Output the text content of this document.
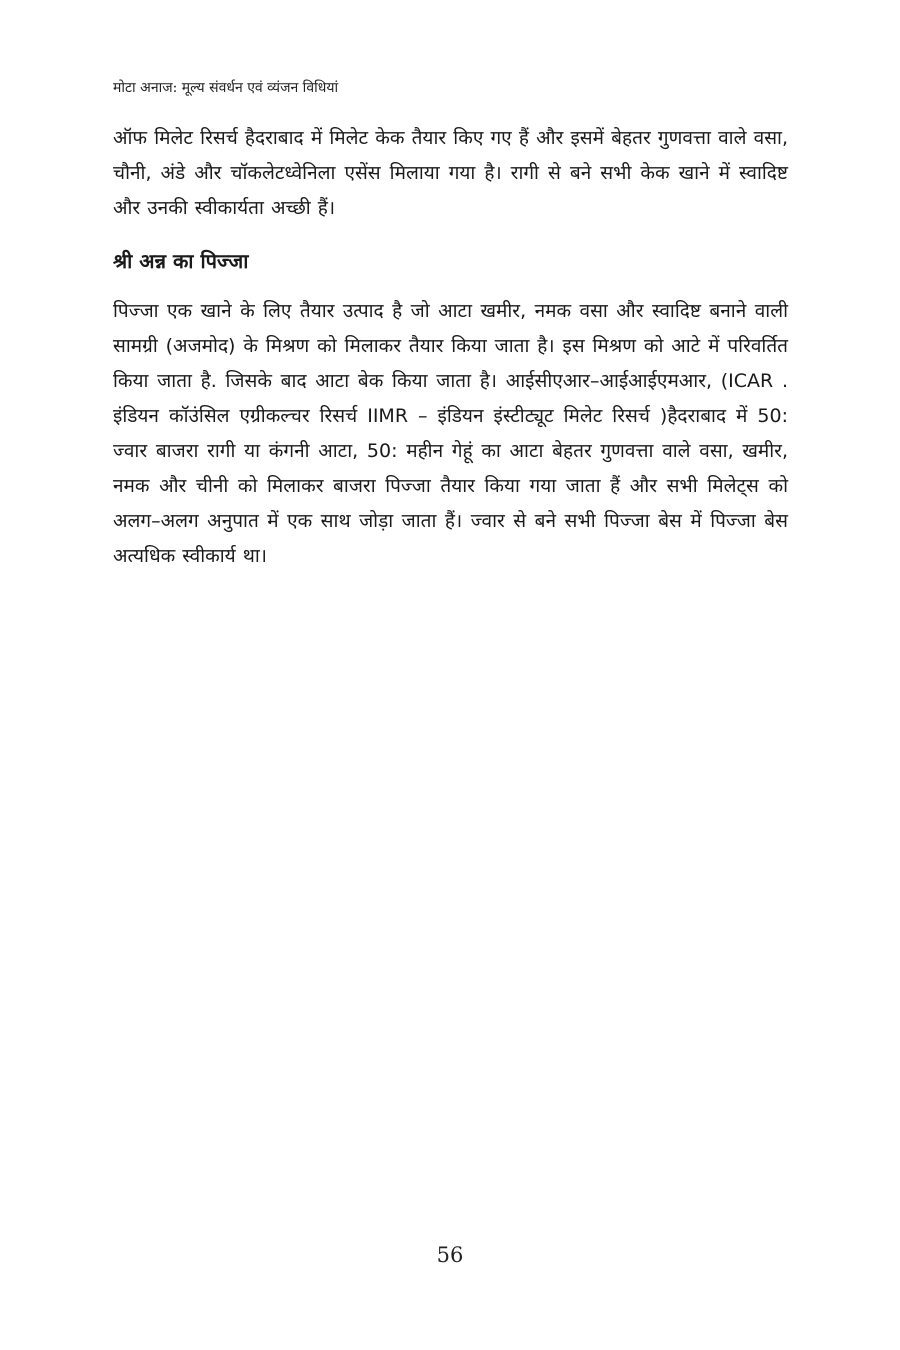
मोटा अनाज: मूल्य संवर्धन एवं व्यंजन विधियां

ऑफ मिलेट रिसर्च हैदराबाद में मिलेट केक तैयार किए गए हैं और इसमें बेहतर गुणवत्ता वाले वसा, चौनी, अंडे और चॉकलेटध्वेनिला एसेंस मिलाया गया है। रागी से बने सभी केक खाने में स्वादिष्ट और उनकी स्वीकार्यता अच्छी हैं।

श्री अन्न का पिज्जा

पिज्जा एक खाने के लिए तैयार उत्पाद है जो आटा खमीर, नमक वसा और स्वादिष्ट बनाने वाली सामग्री (अजमोद) के मिश्रण को मिलाकर तैयार किया जाता है। इस मिश्रण को आटे में परिवर्तित किया जाता है. जिसके बाद आटा बेक किया जाता है। आईसीएआर–आईआईएमआर, (ICAR . इंडियन कॉउंसिल एग्रीकल्चर रिसर्च IIMR – इंडियन इंस्टीट्यूट मिलेट रिसर्च )हैदराबाद में 50: ज्वार बाजरा रागी या कंगनी आटा, 50: महीन गेहूं का आटा बेहतर गुणवत्ता वाले वसा, खमीर, नमक और चीनी को मिलाकर बाजरा पिज्जा तैयार किया गया जाता हैं और सभी मिलेट्स को अलग–अलग अनुपात में एक साथ जोड़ा जाता हैं। ज्वार से बने सभी पिज्जा बेस में पिज्जा बेस अत्यधिक स्वीकार्य था।

56
